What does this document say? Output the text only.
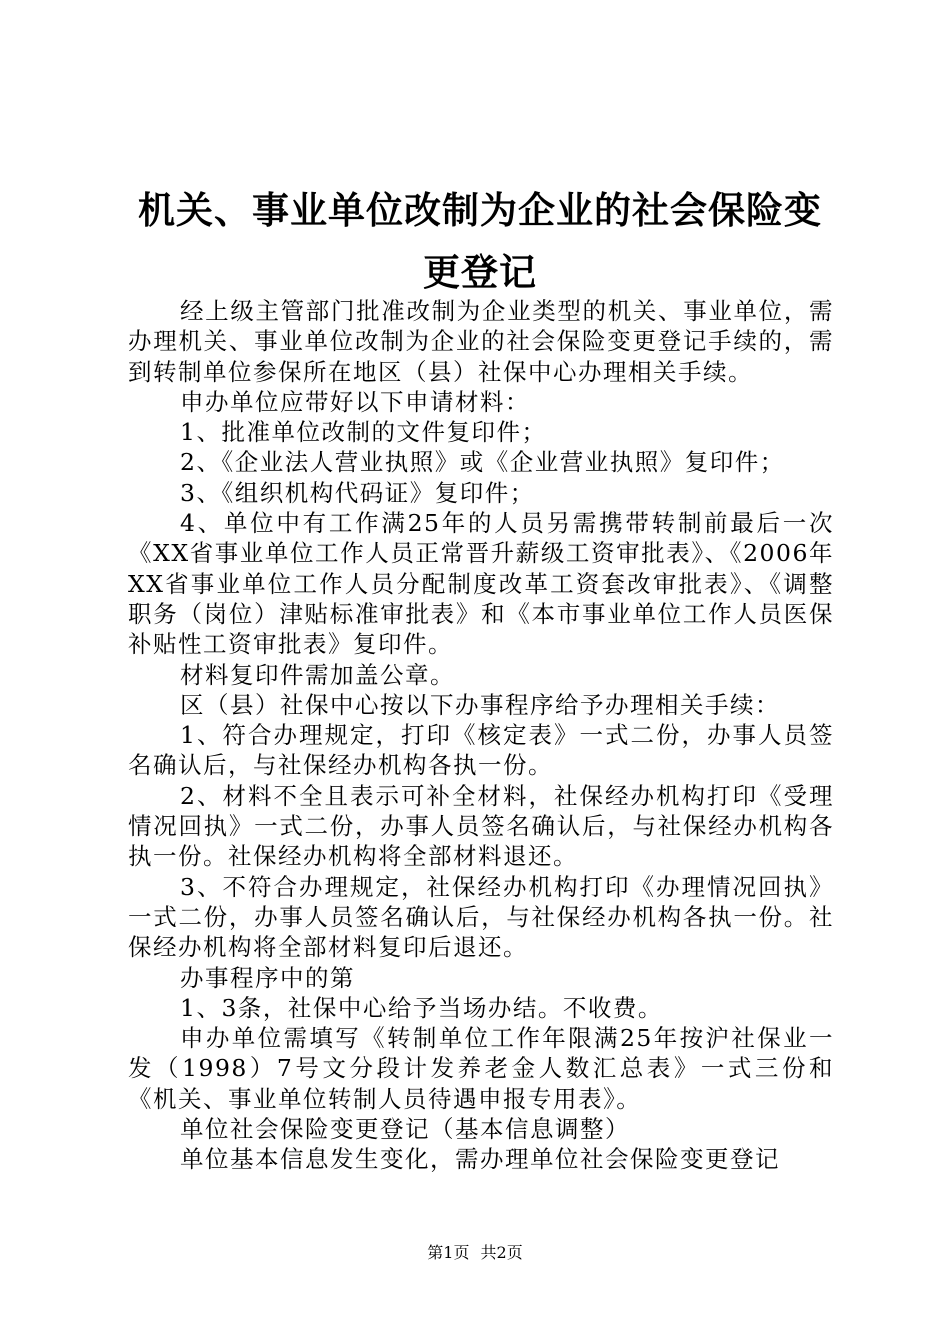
机关、事业单位改制为企业的社会保险变更登记

经上级主管部门批准改制为企业类型的机关、事业单位，需办理机关、事业单位改制为企业的社会保险变更登记手续的，需到转制单位参保所在地区（县）社保中心办理相关手续。

申办单位应带好以下申请材料：

1、批准单位改制的文件复印件；

2、《企业法人营业执照》或《企业营业执照》复印件；

3、《组织机构代码证》复印件；

4、单位中有工作满25年的人员另需携带转制前最后一次《XX省事业单位工作人员正常晋升薪级工资审批表》、《2006年XX省事业单位工作人员分配制度改革工资套改审批表》、《调整职务（岗位）津贴标准审批表》和《本市事业单位工作人员医保补贴性工资审批表》复印件。

材料复印件需加盖公章。

区（县）社保中心按以下办事程序给予办理相关手续：

1、符合办理规定，打印《核定表》一式二份，办事人员签名确认后，与社保经办机构各执一份。

2、材料不全且表示可补全材料，社保经办机构打印《受理情况回执》一式二份，办事人员签名确认后，与社保经办机构各执一份。社保经办机构将全部材料退还。

3、不符合办理规定，社保经办机构打印《办理情况回执》一式二份，办事人员签名确认后，与社保经办机构各执一份。社保经办机构将全部材料复印后退还。

办事程序中的第

1、3条，社保中心给予当场办结。不收费。

申办单位需填写《转制单位工作年限满25年按沪社保业一发（1998）7号文分段计发养老金人数汇总表》一式三份和《机关、事业单位转制人员待遇申报专用表》。

单位社会保险变更登记（基本信息调整）

单位基本信息发生变化，需办理单位社会保险变更登记

第1页 共2页
